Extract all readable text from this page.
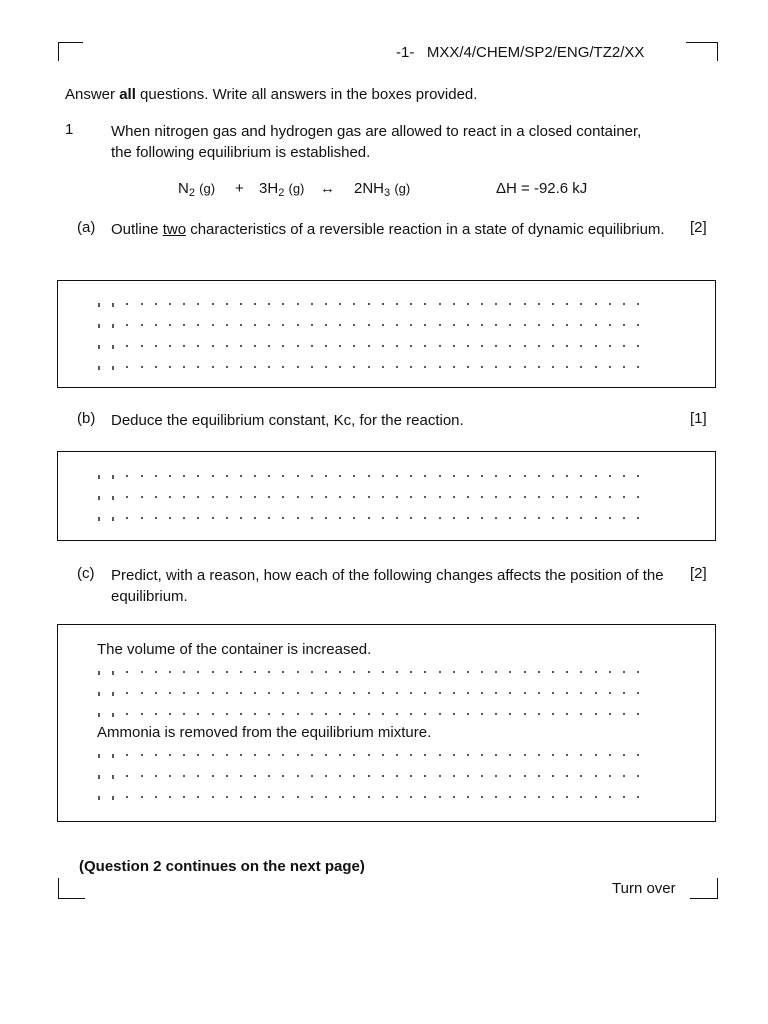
-1-   MXX/4/CHEM/SP2/ENG/TZ2/XX
Answer all questions. Write all answers in the boxes provided.
1	When nitrogen gas and hydrogen gas are allowed to react in a closed container, the following equilibrium is established.
$N_2$ $(g) + 3H_2$ (g) ↔ $2NH_3$ (g)	ΔH = -92.6 kJ
(a) Outline two characteristics of a reversible reaction in a state of dynamic equilibrium.	[2]
(b) Deduce the equilibrium constant, Kc, for the reaction.	[1]
(c) Predict, with a reason, how each of the following changes affects the position of the equilibrium.
[2]
The volume of the container is increased.
Ammonia is removed from the equilibrium mixture.
(Question 2 continues on the next page)
Turn over
